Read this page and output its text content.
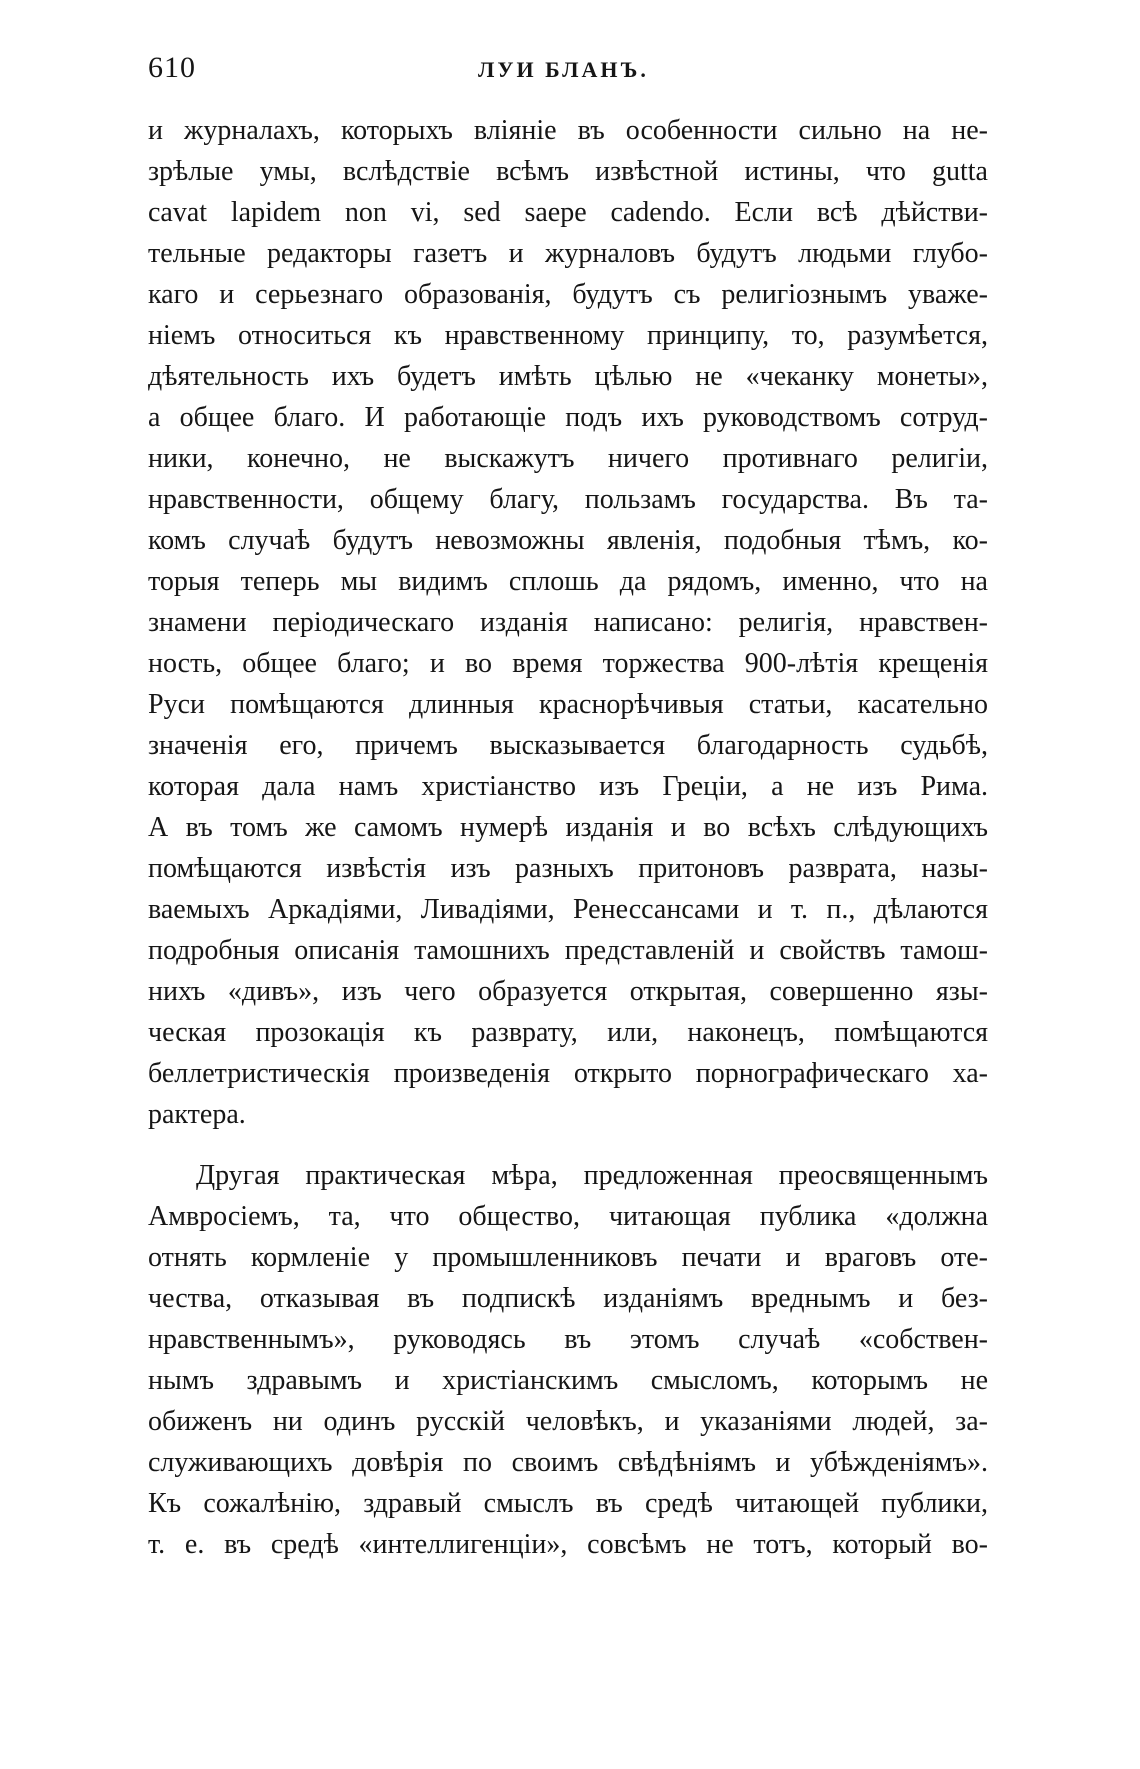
610	ЛУИ БЛАНЪ.
и журналахъ, которыхъ вліяніе въ особенности сильно на не-
зрѣлые умы, вслѣдствіе всѣмъ извѣстной истины, что gutta
cavat lapidem non vi, sed saepe cadendo. Если всѣ дѣйстви-
тельные редакторы газетъ и журналовъ будутъ людьми глубо-
каго и серьезнаго образованія, будутъ съ религіознымъ уваже-
ніемъ относиться къ нравственному принципу, то, разумѣется,
дѣятельность ихъ будетъ имѣть цѣлью не «чеканку монеты»,
а общее благо. И работающіе подъ ихъ руководствомъ сотруд-
ники, конечно, не выскажутъ ничего противнаго религіи,
нравственности, общему благу, пользамъ государства. Въ та-
комъ случаѣ будутъ невозможны явленія, подобныя тѣмъ, ко-
торыя теперь мы видимъ сплошь да рядомъ, именно, что на
знамени періодическаго изданія написано: религія, нравствен-
ность, общее благо; и во время торжества 900-лѣтія крещенія
Руси помѣщаются длинныя краснорѣчивыя статьи, касательно
значенія его, причемъ высказывается благодарность судьбѣ,
которая дала намъ христіанство изъ Греціи, а не изъ Рима.
А въ томъ же самомъ нумерѣ изданія и во всѣхъ слѣдующихъ
помѣщаются извѣстія изъ разныхъ притоновъ разврата, назы-
ваемыхъ Аркадіями, Ливадіями, Ренессансами и т. п., дѣлаются
подробныя описанія тамошнихъ представленій и свойствъ тамош-
нихъ «дивъ», изъ чего образуется открытая, совершенно язы-
ческая прозокація къ разврату, или, наконецъ, помѣщаются
беллетристическія произведенія открыто порнографическаго ха-
рактера.
Другая практическая мѣра, предложенная преосвященнымъ
Амвросіемъ, та, что общество, читающая публика «должна
отнять кормленіе у промышленниковъ печати и враговъ оте-
чества, отказывая въ подпискѣ изданіямъ вреднымъ и без-
нравственнымъ», руководясь въ этомъ случаѣ «собствен-
нымъ здравымъ и христіанскимъ смысломъ, которымъ не
обиженъ ни одинъ русскій человѣкъ, и указаніями людей, за-
служивающихъ довѣрія по своимъ свѣдѣніямъ и убѣжденіямъ».
Къ сожалѣнію, здравый смыслъ въ средѣ читающей публики,
т. е. въ средѣ «интеллигенціи», совсѣмъ не тотъ, который во-
